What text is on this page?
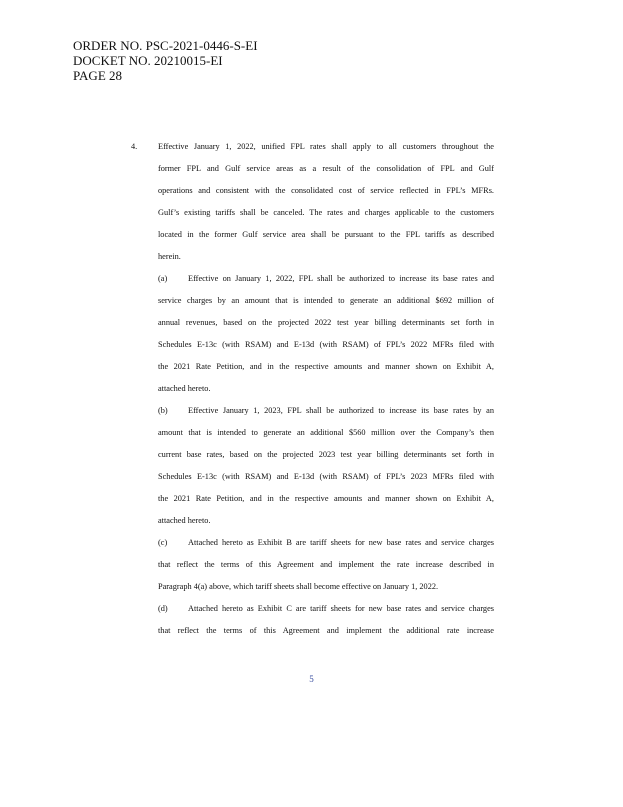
ORDER NO. PSC-2021-0446-S-EI
DOCKET NO. 20210015-EI
PAGE 28
4.	Effective January 1, 2022, unified FPL rates shall apply to all customers throughout the
former FPL and Gulf service areas as a result of the consolidation of FPL and Gulf
operations and consistent with the consolidated cost of service reflected in FPL’s MFRs.
Gulf’s existing tariffs shall be canceled. The rates and charges applicable to the customers
located in the former Gulf service area shall be pursuant to the FPL tariffs as described
herein.
(a)	Effective on January 1, 2022, FPL shall be authorized to increase its base rates and
service charges by an amount that is intended to generate an additional $692 million of
annual revenues, based on the projected 2022 test year billing determinants set forth in
Schedules E-13c (with RSAM) and E-13d (with RSAM) of FPL’s 2022 MFRs filed with
the 2021 Rate Petition, and in the respective amounts and manner shown on Exhibit A,
attached hereto.
(b) Effective January 1, 2023, FPL shall be authorized to increase its base rates by an
amount that is intended to generate an additional $560 million over the Company’s then
current base rates, based on the projected 2023 test year billing determinants set forth in
Schedules E-13c (with RSAM) and E-13d (with RSAM) of FPL’s 2023 MFRs filed with
the 2021 Rate Petition, and in the respective amounts and manner shown on Exhibit A,
attached hereto.
(c)	Attached hereto as Exhibit B are tariff sheets for new base rates and service charges
that reflect the terms of this Agreement and implement the rate increase described in
Paragraph 4(a) above, which tariff sheets shall become effective on January 1, 2022.
(d) Attached hereto as Exhibit C are tariff sheets for new base rates and service charges
that reflect the terms of this Agreement and implement the additional rate increase
5
